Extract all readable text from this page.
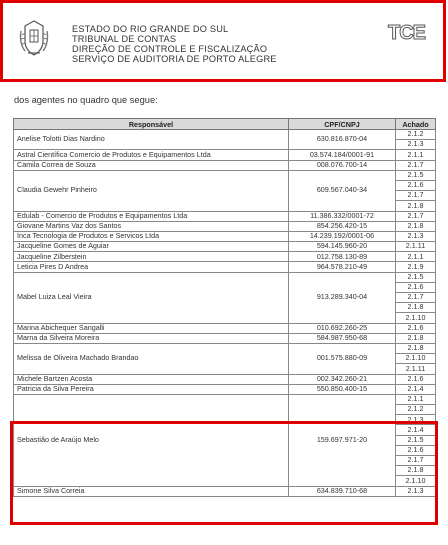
ESTADO DO RIO GRANDE DO SUL
TRIBUNAL DE CONTAS
DIREÇÃO DE CONTROLE E FISCALIZAÇÃO
SERVIÇO DE AUDITORIA DE PORTO ALEGRE
TCE
dos agentes no quadro que segue:
Responsável	CPF/CNPJ	Achado
Anelise Tolotti Dias Nardino	630.816.870-04	2.1.2
		2.1.3
Astral Científica Comercio de Produtos e Equipamentos Ltda	03.574.184/0001-91	2.1.1
Camila Correa de Souza	008.076.700-14	2.1.7
Claudia Gewehr Pinheiro	609.567.040-34	2.1.5
		2.1.6
		2.1.7
		2.1.8
Edulab - Comercio de Produtos e Equipamentos Ltda	11.386.332/0001-72	2.1.7
Giovane Martins Vaz dos Santos	854.256.420-15	2.1.8
Inca Tecnologia de Produtos e Servicos Ltda	14.239.192/0001-06	2.1.3
Jacqueline Gomes de Aguiar	594.145.960-20	2.1.11
Jacqueline Zilberstein	012.758.130-89	2.1.1
Leticia Pires D Andrea	964.578.210-49	2.1.9
Mabel Luiza Leal Vieira	913.289.340-04	2.1.5
		2.1.6
		2.1.7
		2.1.8
		2.1.10
Marina Abichequer Sangalli	010.692.260-25	2.1.6
Marna da Silveira Moreira	584.987.950-68	2.1.8
Melissa de Oliveira Machado Brandao	001.575.880-09	2.1.8
		2.1.10
		2.1.11
Michele Bartzen Acosta	002.342.260-21	2.1.6
Patricia da Silva Pereira	550.850.400-15	2.1.4
Sebastião de Araújo Melo	159.697.971-20	2.1.1
		2.1.2
		2.1.3
		2.1.4
		2.1.5
		2.1.6
		2.1.7
		2.1.8
		2.1.10
Simone Silva Correia	634.839.710-68	2.1.3
